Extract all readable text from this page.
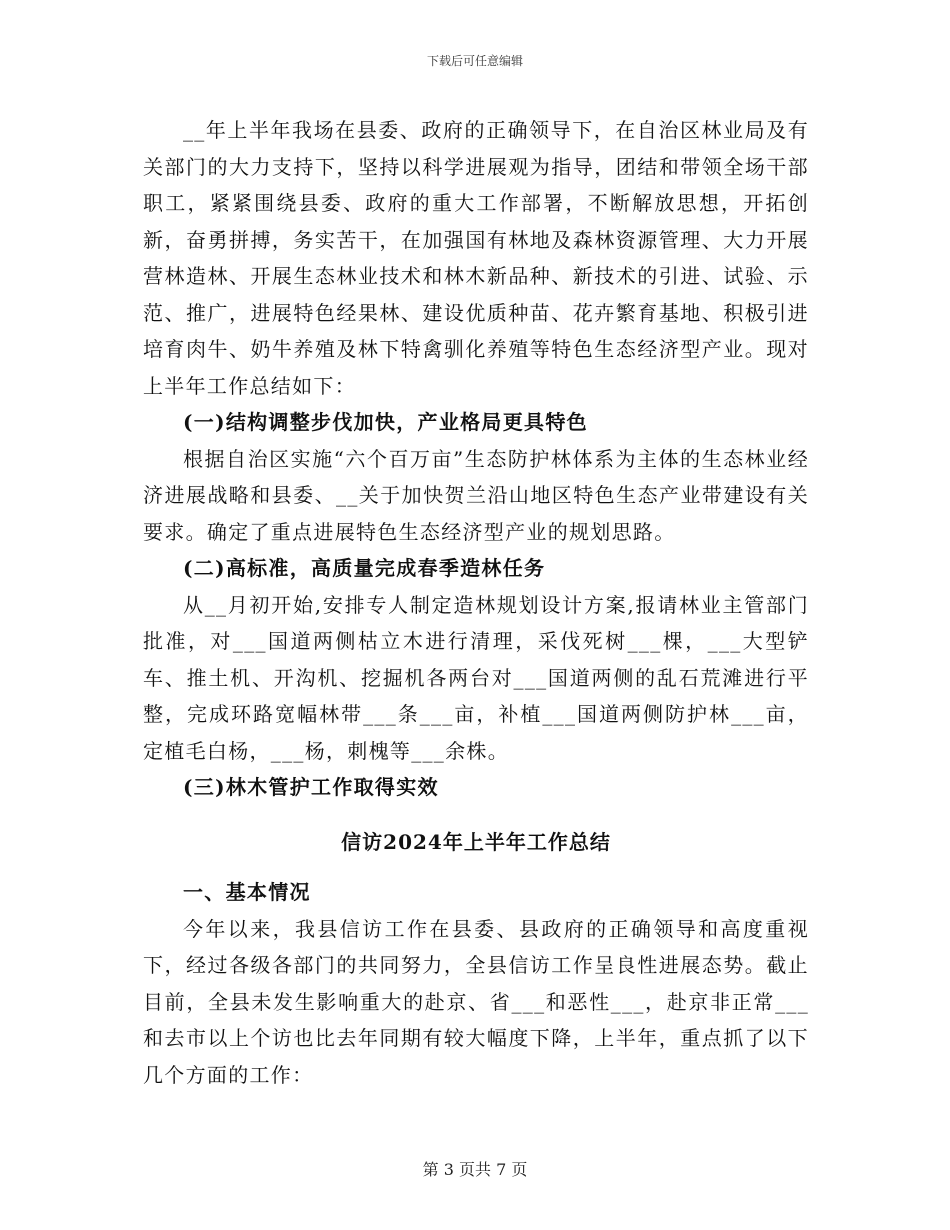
下载后可任意编辑

__年上半年我场在县委、政府的正确领导下，在自治区林业局及有关部门的大力支持下，坚持以科学进展观为指导，团结和带领全场干部职工，紧紧围绕县委、政府的重大工作部署，不断解放思想，开拓创新，奋勇拼搏，务实苦干，在加强国有林地及森林资源管理、大力开展营林造林、开展生态林业技术和林木新品种、新技术的引进、试验、示范、推广，进展特色经果林、建设优质种苗、花卉繁育基地、积极引进培育肉牛、奶牛养殖及林下特禽驯化养殖等特色生态经济型产业。现对上半年工作总结如下：

(一)结构调整步伐加快，产业格局更具特色

根据自治区实施“六个百万亩”生态防护林体系为主体的生态林业经济进展战略和县委、__关于加快贺兰沿山地区特色生态产业带建设有关要求。确定了重点进展特色生态经济型产业的规划思路。

(二)高标准，高质量完成春季造林任务

从__月初开始,安排专人制定造林规划设计方案,报请林业主管部门批准，对___国道两侧枯立木进行清理，采伐死树___棵，___大型铲车、推土机、开沟机、挖掘机各两台对___国道两侧的乱石荒滩进行平整，完成环路宽幅林带___条___亩，补植___国道两侧防护林___亩，定植毛白杨，___杨，刺槐等___余株。

(三)林木管护工作取得实效

信访2024年上半年工作总结

一、基本情况

今年以来，我县信访工作在县委、县政府的正确领导和高度重视下，经过各级各部门的共同努力，全县信访工作呈良性进展态势。截止目前，全县未发生影响重大的赴京、省___和恶性___，赴京非正常___和去市以上个访也比去年同期有较大幅度下降，上半年，重点抓了以下几个方面的工作：

第 3 页共 7 页
